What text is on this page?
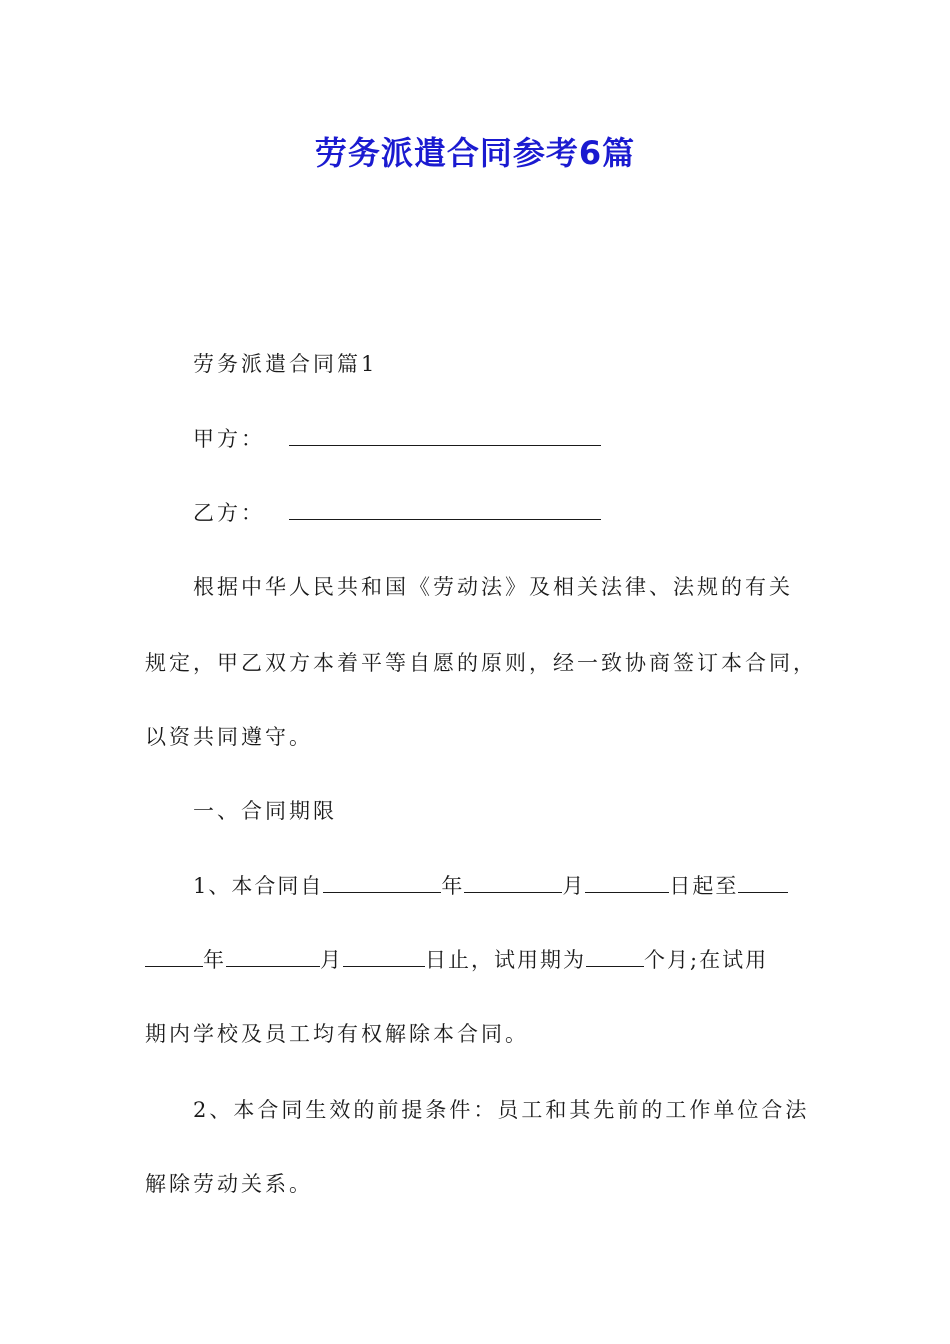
劳务派遣合同参考6篇

劳务派遣合同篇1

甲方：

乙方：

根据中华人民共和国《劳动法》及相关法律、法规的有关

规定，甲乙双方本着平等自愿的原则，经一致协商签订本合同，

以资共同遵守。

一、合同期限

1、本合同自	年	月	日起至

年	月	日止，试用期为	个月;在试用

期内学校及员工均有权解除本合同。

2、本合同生效的前提条件：员工和其先前的工作单位合法

解除劳动关系。
